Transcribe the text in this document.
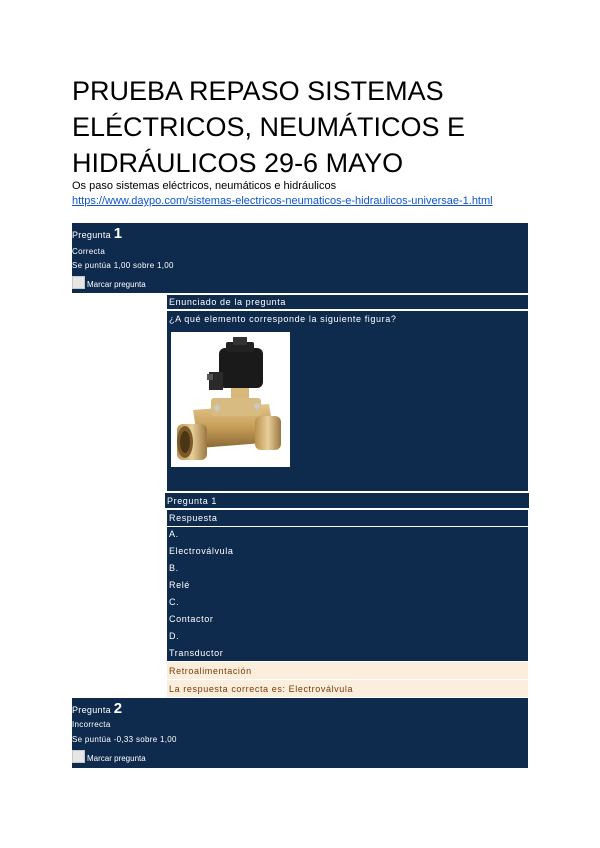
PRUEBA REPASO SISTEMAS ELÉCTRICOS, NEUMÁTICOS E HIDRÁULICOS 29-6 MAYO
Os paso sistemas eléctricos, neumáticos e hidráulicos
https://www.daypo.com/sistemas-electricos-neumaticos-e-hidraulicos-universae-1.html
Pregunta 1
Correcta
Se puntúa 1,00 sobre 1,00
Marcar pregunta
Enunciado de la pregunta
¿A qué elemento corresponde la siguiente figura?
Pregunta 1
Respuesta
A.
Electroválvula
B.
Relé
C.
Contactor
D.
Transductor
Retroalimentación
La respuesta correcta es: Electroválvula
Pregunta 2
Incorrecta
Se puntúa -0,33 sobre 1,00
Marcar pregunta
